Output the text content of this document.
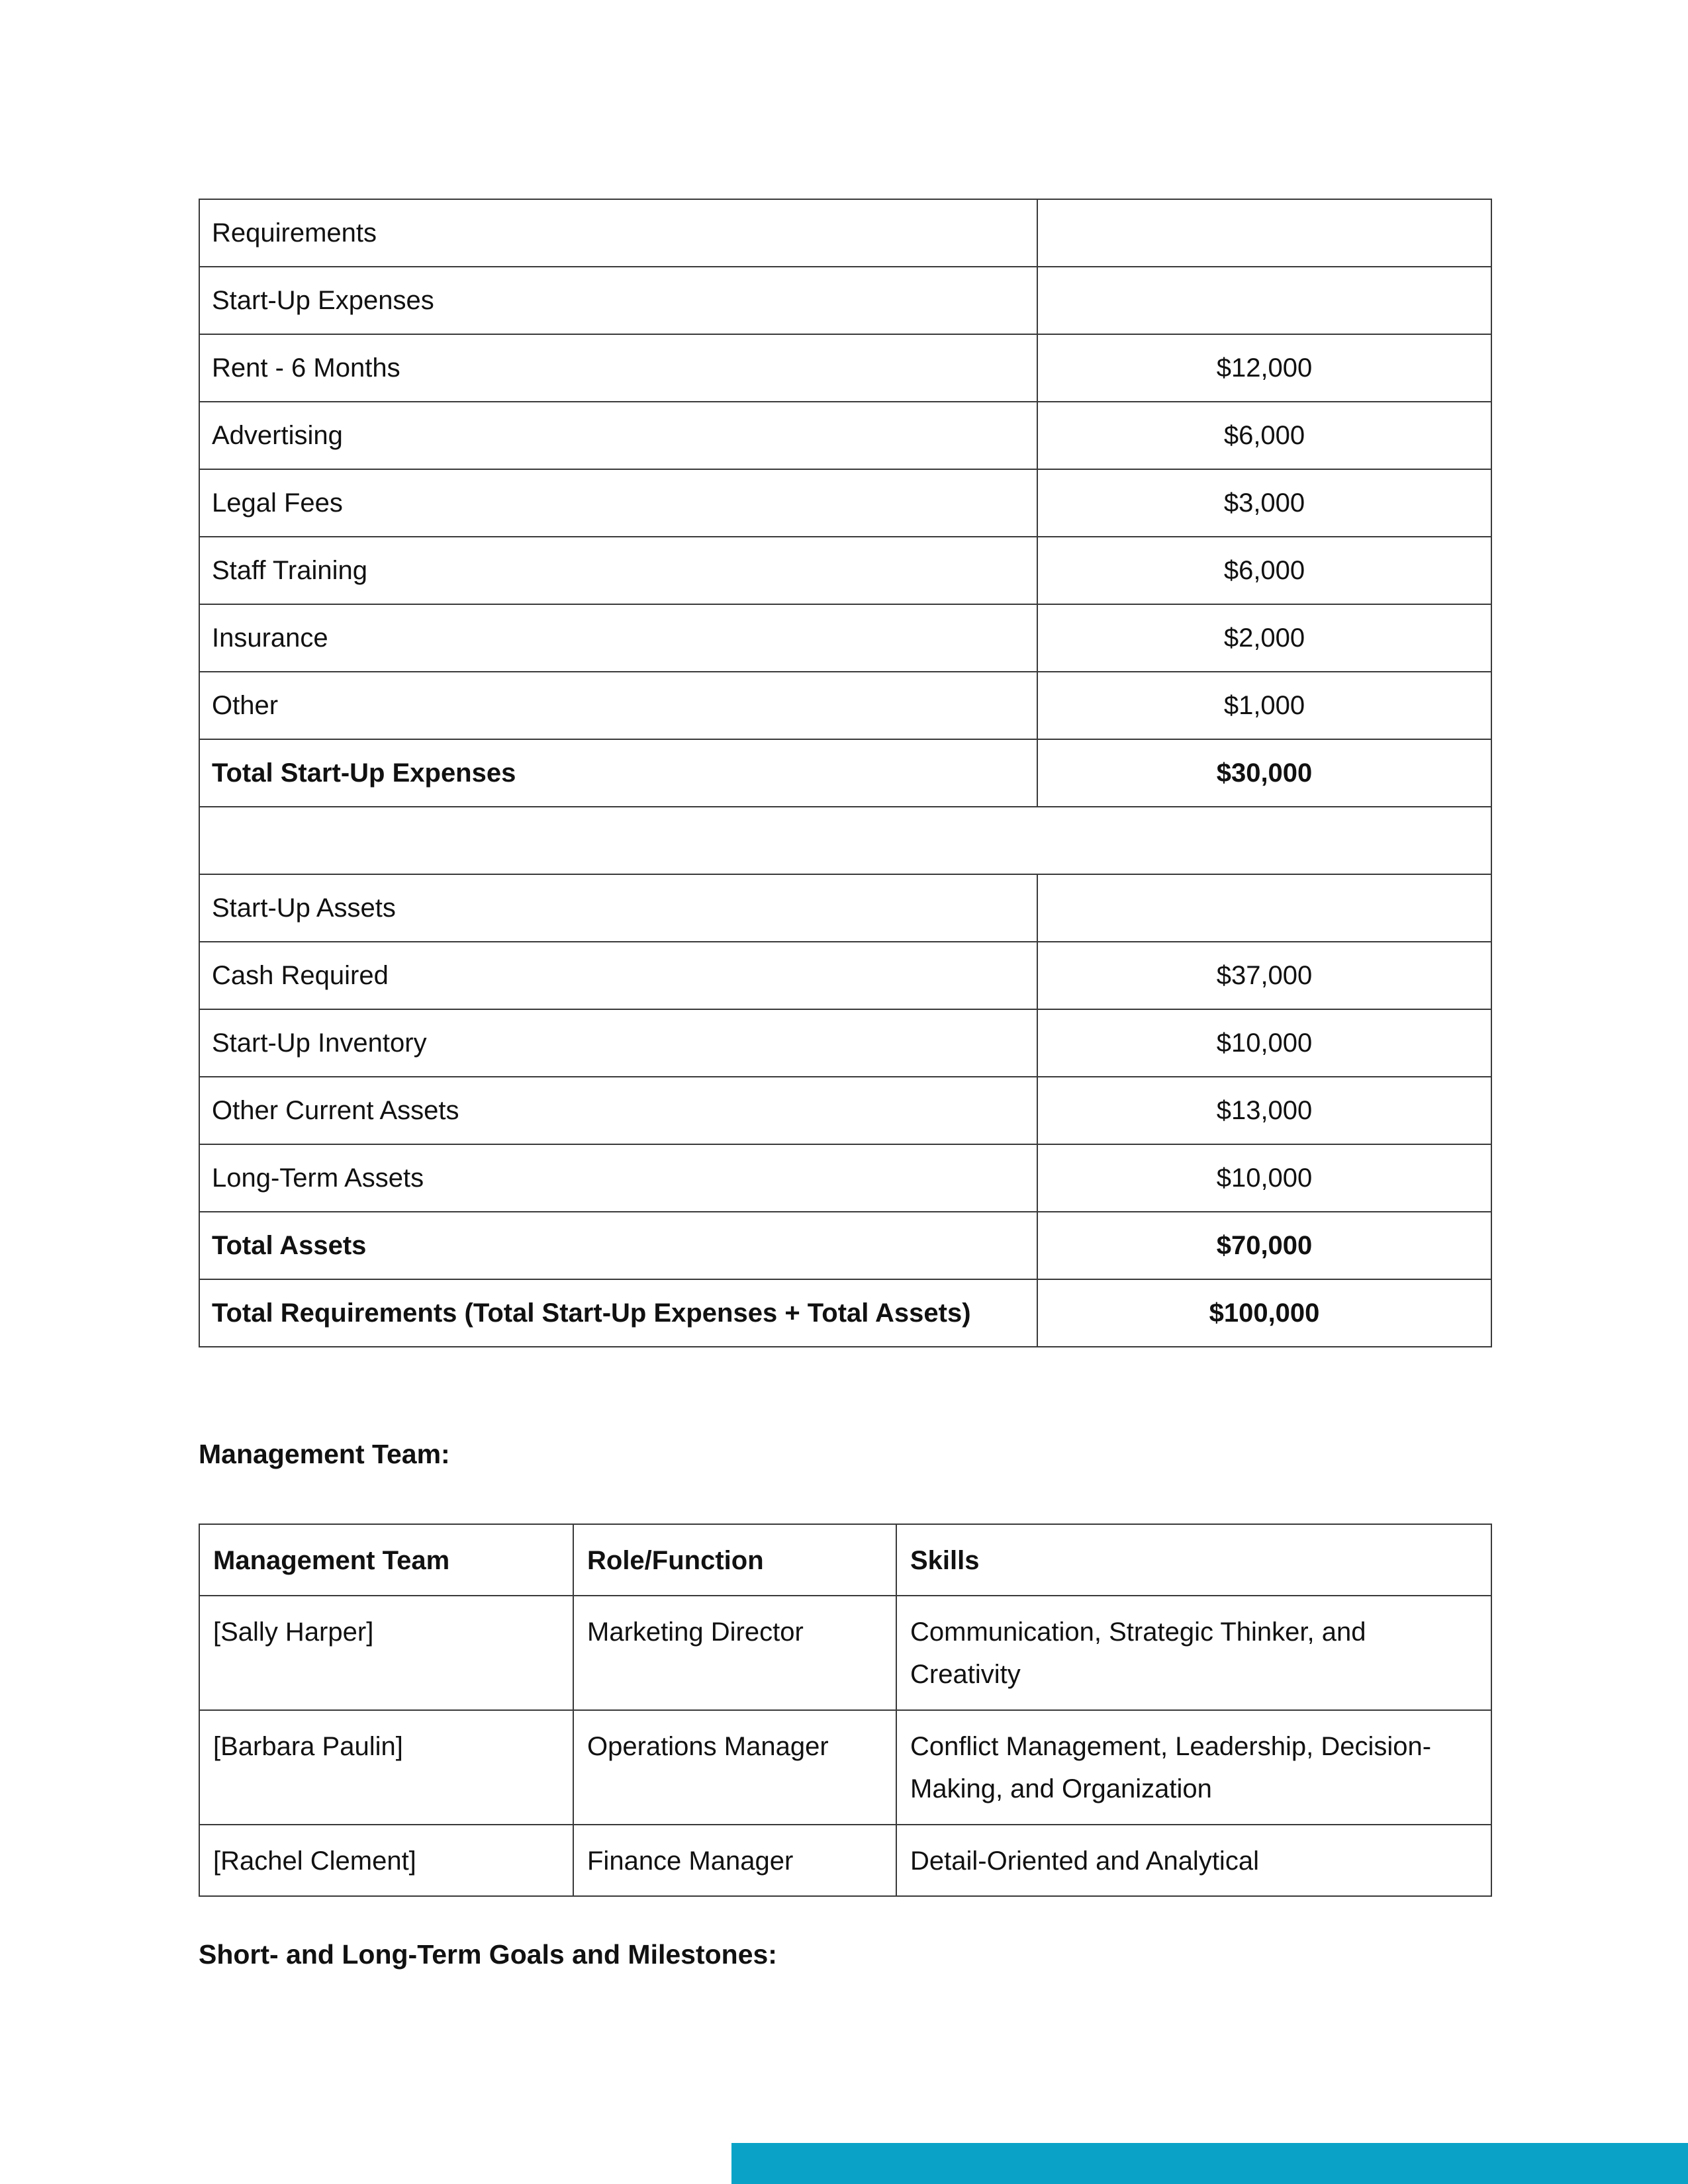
Requirements	
Start-Up Expenses	
Rent - 6 Months	$12,000
Advertising	$6,000
Legal Fees	$3,000
Staff Training	$6,000
Insurance	$2,000
Other	$1,000
Total Start-Up Expenses	$30,000

Start-Up Assets	
Cash Required	$37,000
Start-Up Inventory	$10,000
Other Current Assets	$13,000
Long-Term Assets	$10,000
Total Assets	$70,000
Total Requirements (Total Start-Up Expenses + Total Assets)	$100,000

Management Team:

Management Team	Role/Function	Skills
[Sally Harper]	Marketing Director	Communication, Strategic Thinker, and Creativity
[Barbara Paulin]	Operations Manager	Conflict Management, Leadership, Decision-Making, and Organization
[Rachel Clement]	Finance Manager	Detail-Oriented and Analytical

Short- and Long-Term Goals and Milestones:
